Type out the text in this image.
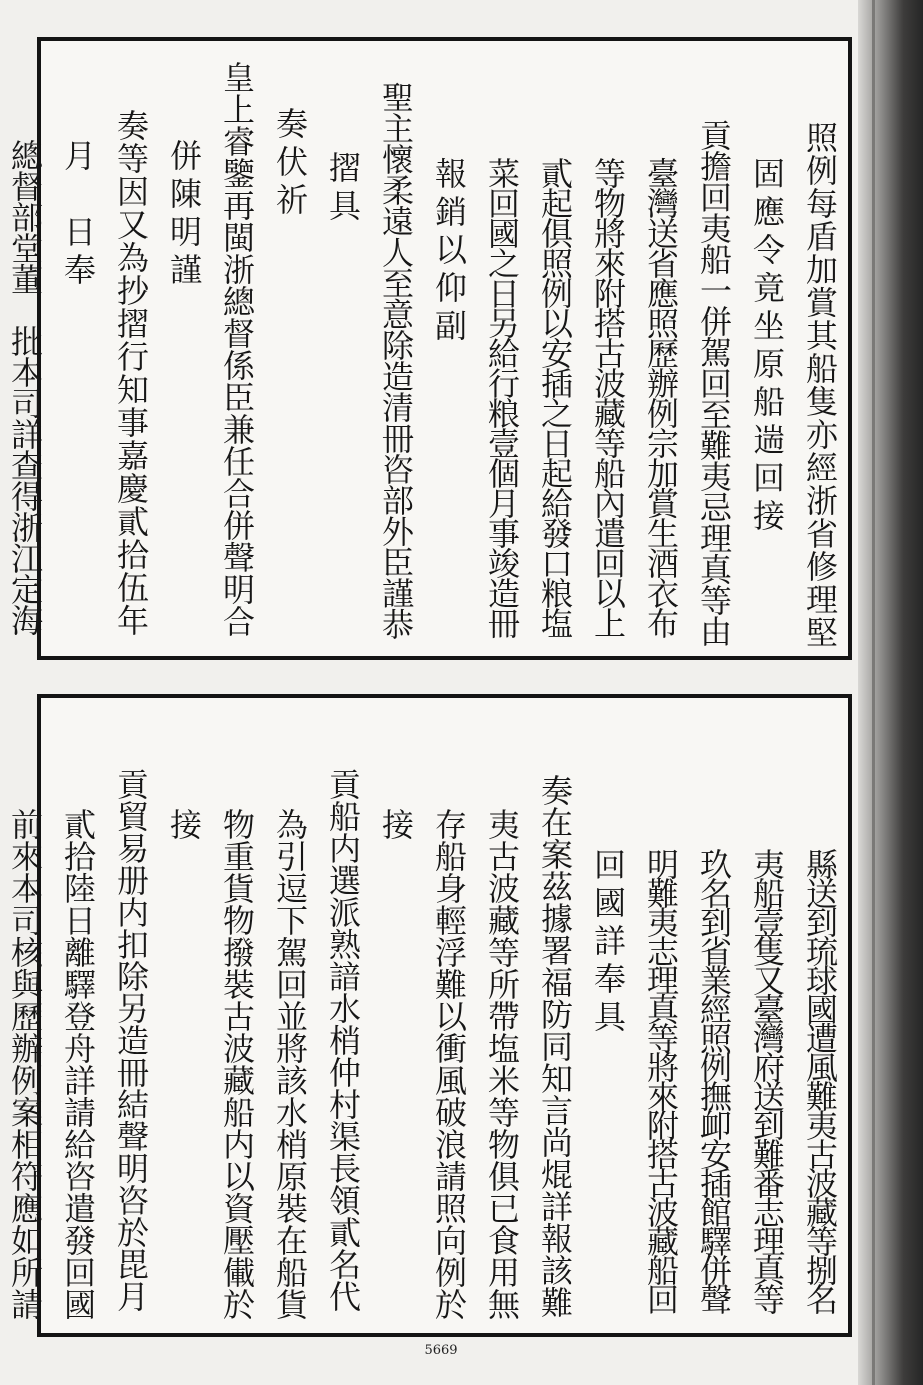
照例每盾加賞其船隻亦經浙省修理堅
固應令竟坐原船遄回接
貢擔回夷船一併駕回至難夷忌理真等由
臺灣送省應照歷辦例宗加賞生酒衣布
等物將來附搭古波藏等船內遣回以上
貳起俱照例以安插之日起給發口粮塩
菜回國之日另給行粮壹個月事竣造冊
報銷以仰副
聖主懷柔遠人至意除造清冊咨部外臣謹恭
摺具
奏伏祈
皇上睿鑒再閩浙總督係臣兼任合併聲明合
併陳明謹
奏等因又為抄摺行知事嘉慶貳拾伍年
月　日奉
總督部堂董　批本司詳查得浙江定海
縣送到琉球國遭風難夷古波藏等捌名
夷船壹隻又臺灣府送到難番志理真等
玖名到省業經照例撫卹安插館驛併聲
明難夷志理真等將來附搭古波藏船回
回國詳奉具
奏在案茲據署福防同知言尚焜詳報該難
夷古波藏等所帶塩米等物俱已食用無
存船身輕浮難以衝風破浪請照向例於
接
貢船内選派熟諳水梢仲村渠長領貳名代
為引逗下駕回並將該水梢原裝在船貨
物重貨物撥裝古波藏船内以資壓儎於
接
貢貿易册内扣除另造冊結聲明咨於毘月
貳拾陸日離驛登舟詳請給咨遣發回國
前來本司核與歷辦例案相符應如所請
5669
